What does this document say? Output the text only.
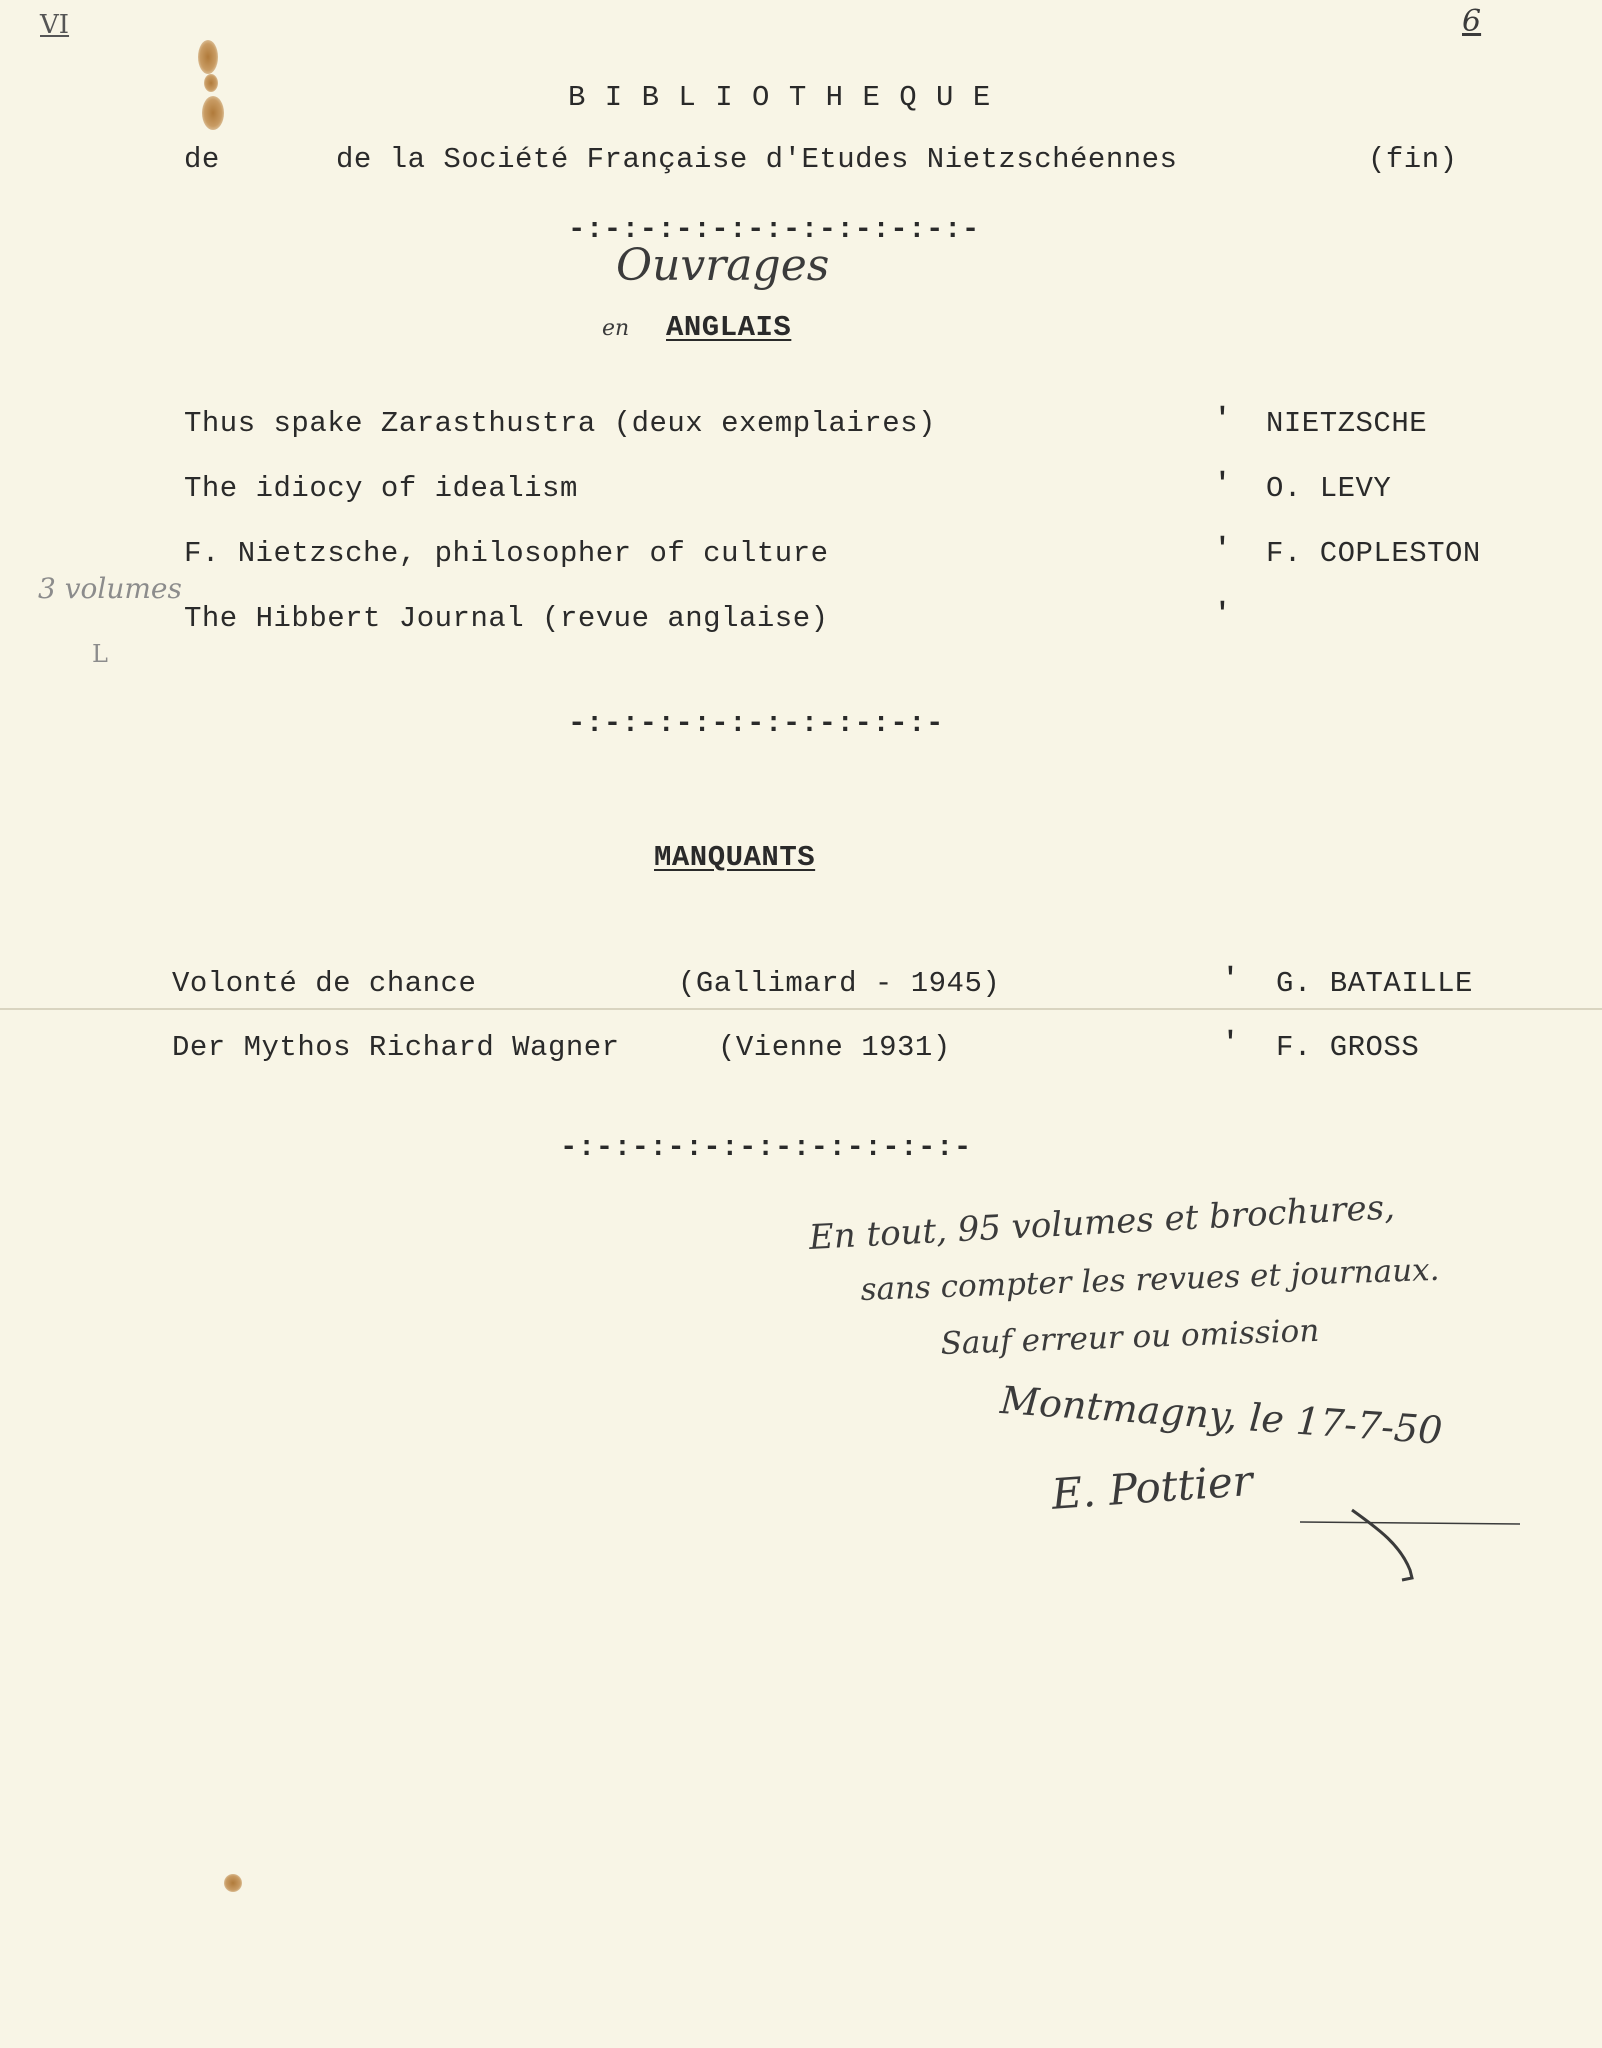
VI	6
B I B L I O T H E Q U E
de	de la Société Française d'Etudes Nietzschéennes	(fin)
-:-:-:-:-:-:-:-:-:-:-:-
Ouvrages
en ANGLAIS
Thus spake Zarasthustra (deux exemplaires)	' NIETZSCHE
The idiocy of idealism	' O. LEVY
F. Nietzsche, philosopher of culture	' F. COPLESTON
3 volumes
The Hibbert Journal (revue anglaise)	'
L
-:-:-:-:-:-:-:-:-:-:-
MANQUANTS
Volonté de chance	(Gallimard - 1945)	' G. BATAILLE
Der Mythos Richard Wagner	(Vienne 1931)	' F. GROSS
-:-:-:-:-:-:-:-:-:-:-:-
En tout, 95 volumes et brochures,
sans compter les revues et journaux.
Sauf erreur ou omission
Montmagny, le 17-7-50
E. Pottier
